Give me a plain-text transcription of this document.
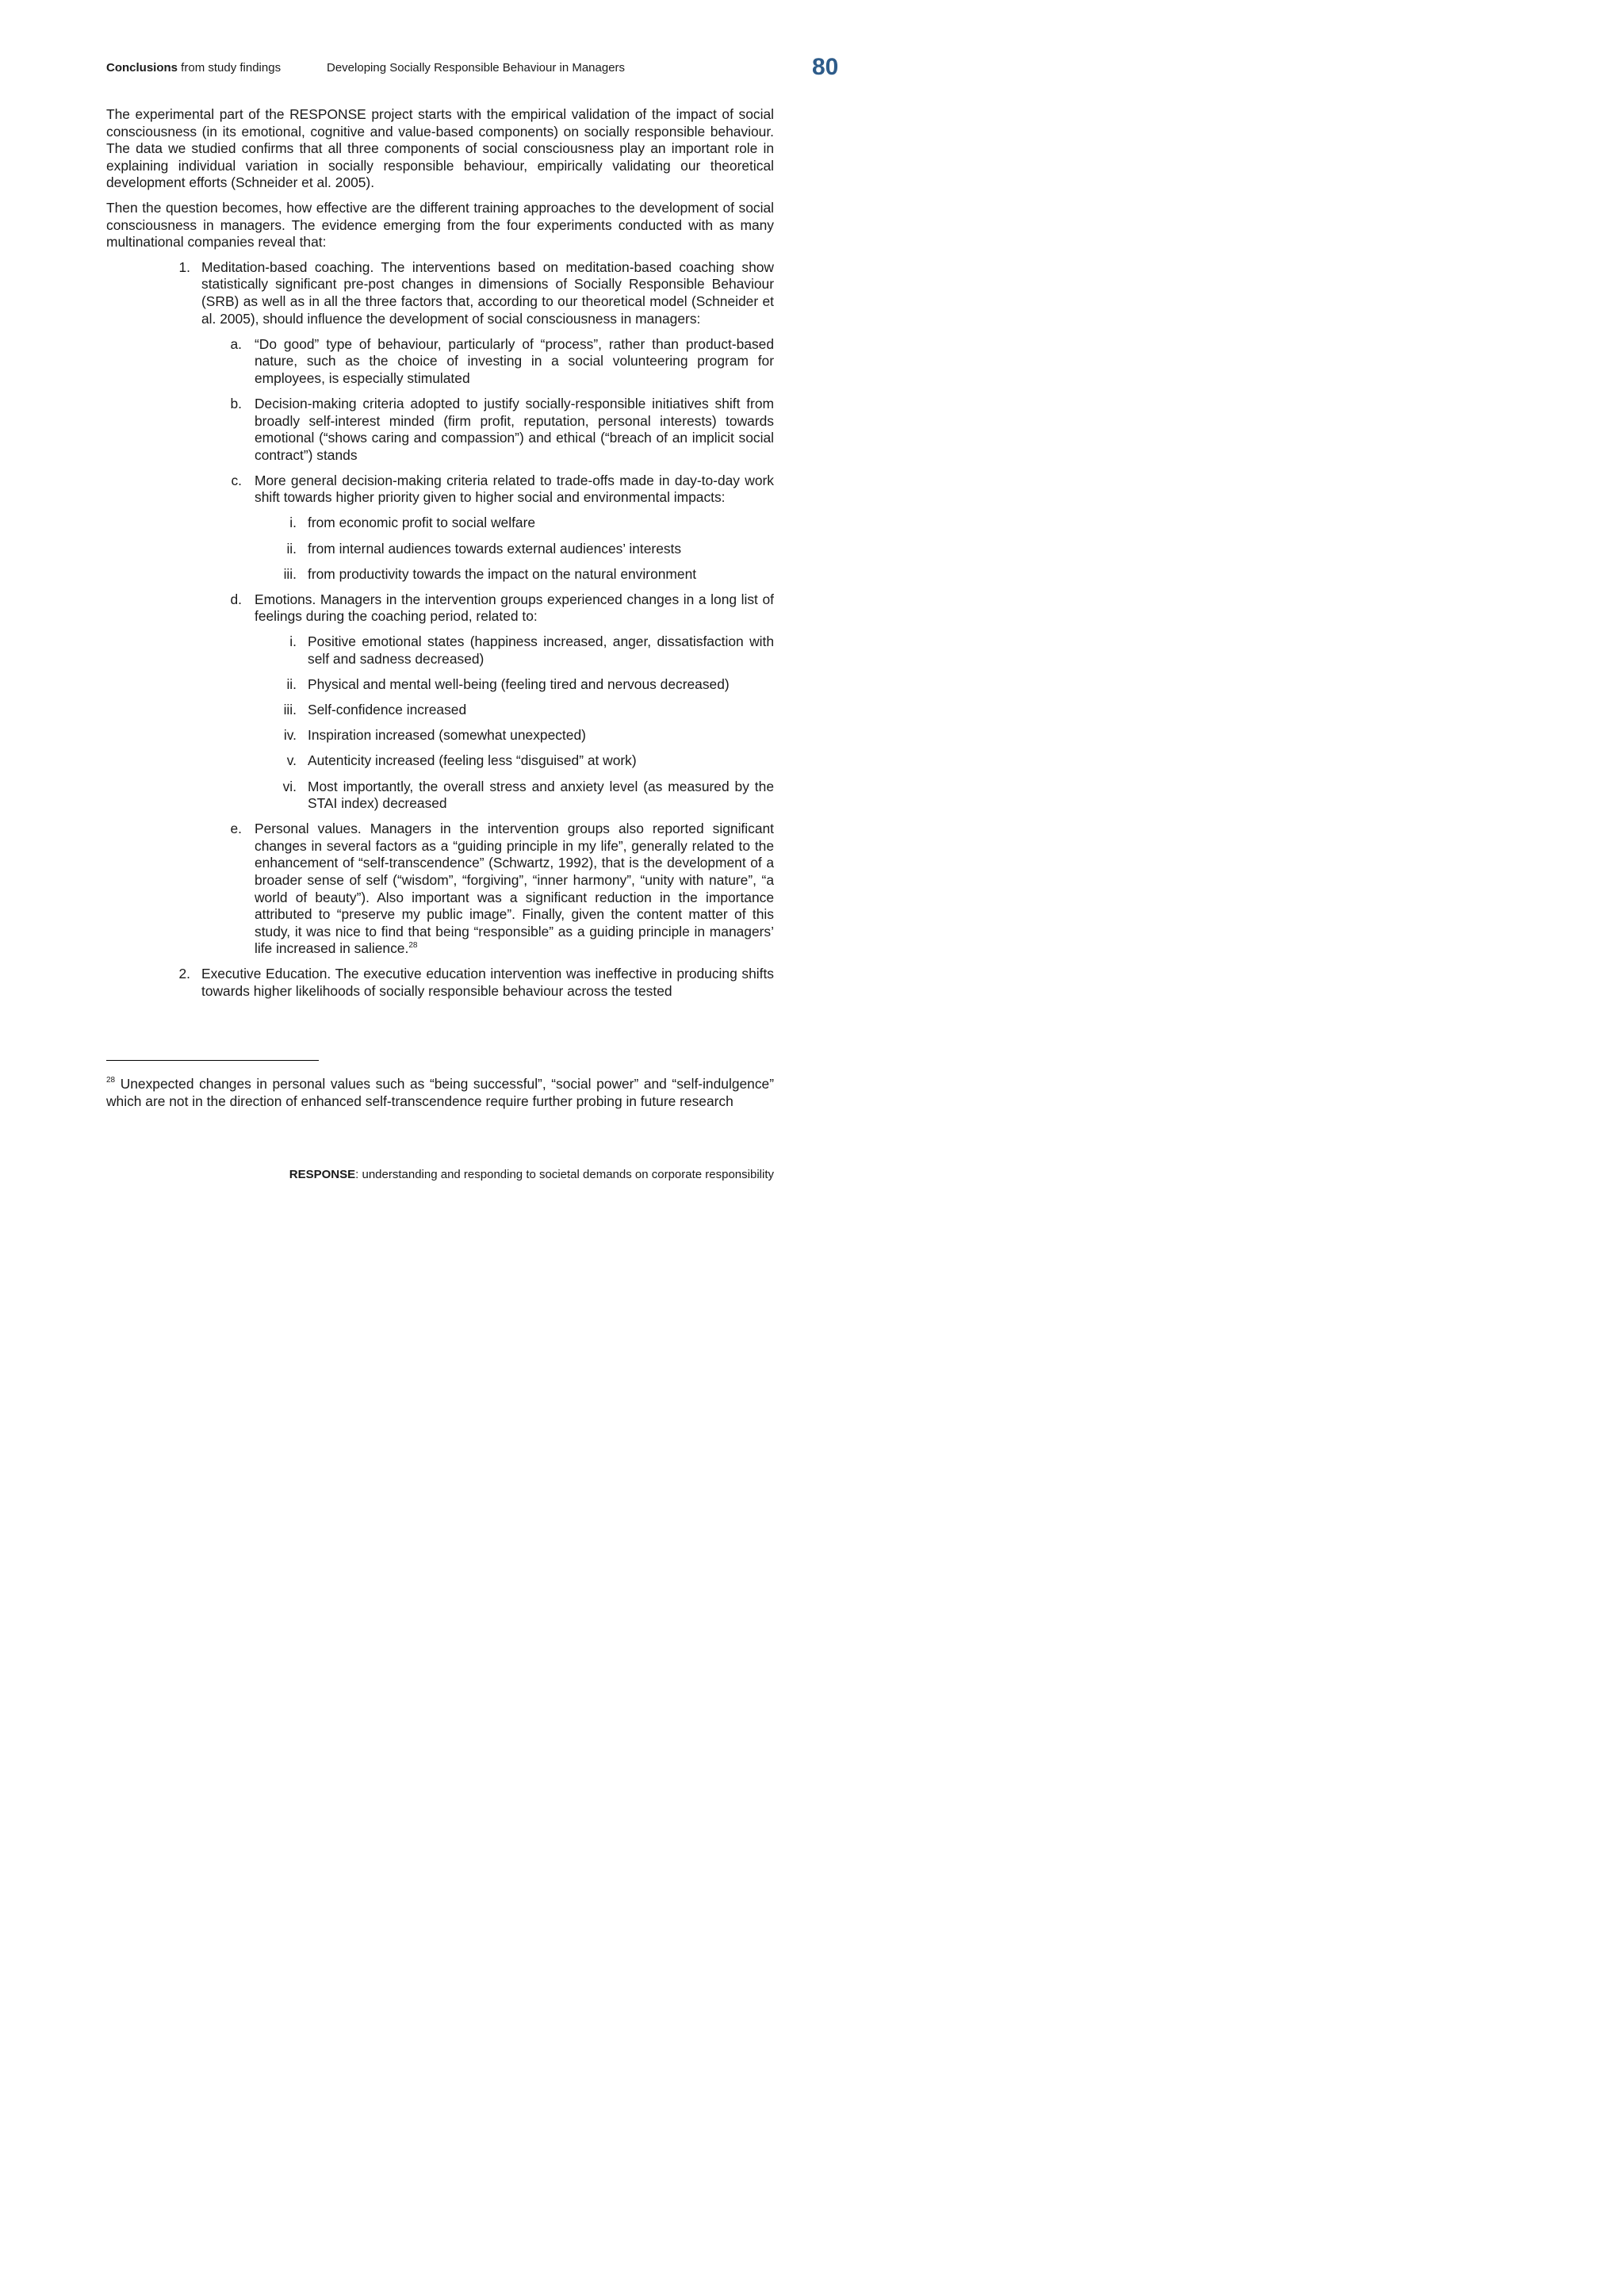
Conclusions from study findings	Developing Socially Responsible Behaviour in Managers	80

The experimental part of the RESPONSE project starts with the empirical validation of the impact of social consciousness (in its emotional, cognitive and value-based components) on socially responsible behaviour. The data we studied confirms that all three components of social consciousness play an important role in explaining individual variation in socially responsible behaviour, empirically validating our theoretical development efforts (Schneider et al. 2005).

Then the question becomes, how effective are the different training approaches to the development of social consciousness in managers. The evidence emerging from the four experiments conducted with as many multinational companies reveal that:

1. Meditation-based coaching. The interventions based on meditation-based coaching show statistically significant pre-post changes in dimensions of Socially Responsible Behaviour (SRB) as well as in all the three factors that, according to our theoretical model (Schneider et al. 2005), should influence the development of social consciousness in managers:
a. “Do good” type of behaviour, particularly of “process”, rather than product-based nature, such as the choice of investing in a social volunteering program for employees, is especially stimulated
b. Decision-making criteria adopted to justify socially-responsible initiatives shift from broadly self-interest minded (firm profit, reputation, personal interests) towards emotional (“shows caring and compassion”) and ethical (“breach of an implicit social contract”) stands
c. More general decision-making criteria related to trade-offs made in day-to-day work shift towards higher priority given to higher social and environmental impacts:
i. from economic profit to social welfare
ii. from internal audiences towards external audiences’ interests
iii. from productivity towards the impact on the natural environment
d. Emotions. Managers in the intervention groups experienced changes in a long list of feelings during the coaching period, related to:
i. Positive emotional states (happiness increased, anger, dissatisfaction with self and sadness decreased)
ii. Physical and mental well-being (feeling tired and nervous decreased)
iii. Self-confidence increased
iv. Inspiration increased (somewhat unexpected)
v. Autenticity increased (feeling less “disguised” at work)
vi. Most importantly, the overall stress and anxiety level (as measured by the STAI index) decreased
e. Personal values. Managers in the intervention groups also reported significant changes in several factors as a “guiding principle in my life”, generally related to the enhancement of “self-transcendence” (Schwartz, 1992), that is the development of a broader sense of self (“wisdom”, “forgiving”, “inner harmony”, “unity with nature”, “a world of beauty”). Also important was a significant reduction in the importance attributed to “preserve my public image”. Finally, given the content matter of this study, it was nice to find that being “responsible” as a guiding principle in managers’ life increased in salience.$^{28}$
2. Executive Education. The executive education intervention was ineffective in producing shifts towards higher likelihoods of socially responsible behaviour across the tested
$^{28}$ Unexpected changes in personal values such as “being successful”, “social power” and “self-indulgence” which are not in the direction of enhanced self-transcendence require further probing in future research
RESPONSE: understanding and responding to societal demands on corporate responsibility
